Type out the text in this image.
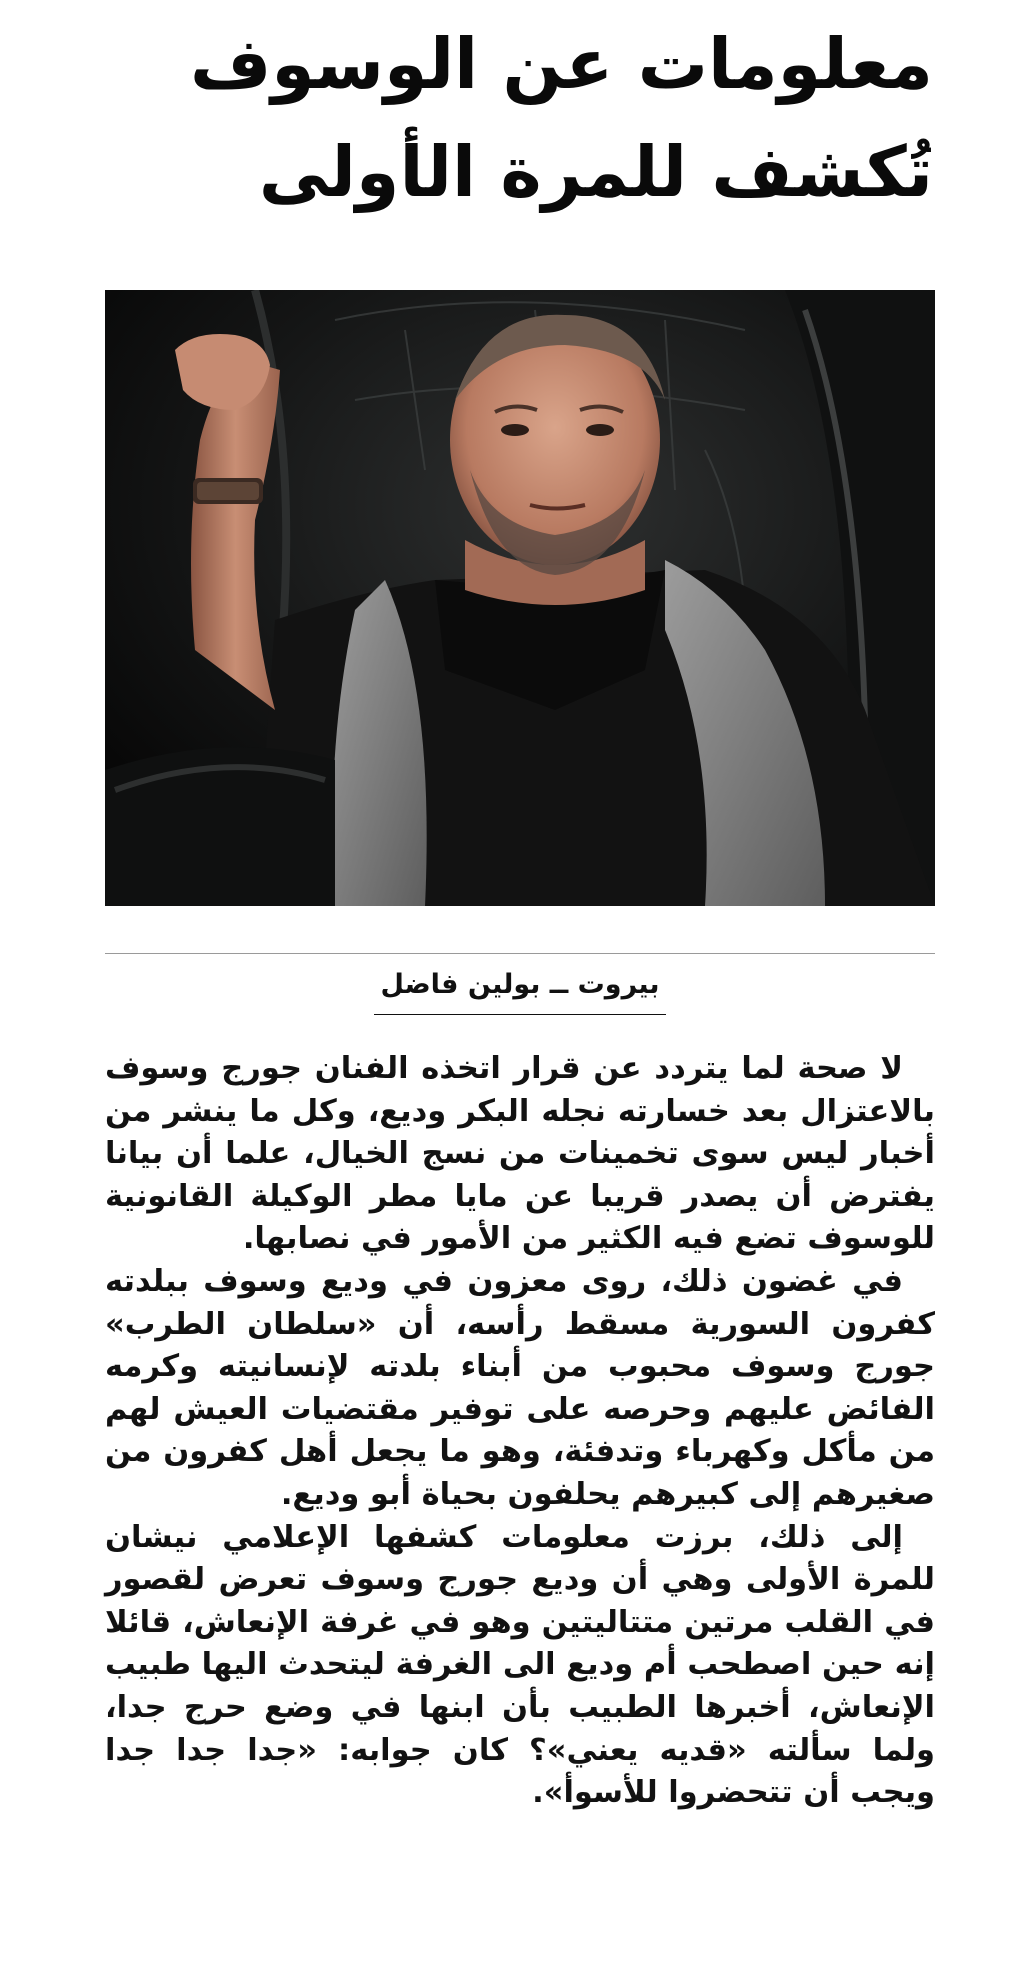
معلومات عن الوسوف
تُكشف للمرة الأولى
بيروت ــ بولين فاضل

لا صحة لما يتردد عن قرار اتخذه الفنان جورج وسوف بالاعتزال بعد خسارته نجله البكر وديع، وكل ما ينشر من أخبار ليس سوى تخمينات من نسج الخيال، علما أن بيانا يفترض أن يصدر قريبا عن مايا مطر الوكيلة القانونية للوسوف تضع فيه الكثير من الأمور في نصابها.

في غضون ذلك، روى معزون في وديع وسوف ببلدته كفرون السورية مسقط رأسه، أن «سلطان الطرب» جورج وسوف محبوب من أبناء بلدته لإنسانيته وكرمه الفائض عليهم وحرصه على توفير مقتضيات العيش لهم من مأكل وكهرباء وتدفئة، وهو ما يجعل أهل كفرون من صغيرهم إلى كبيرهم يحلفون بحياة أبو وديع.

إلى ذلك، برزت معلومات كشفها الإعلامي نيشان للمرة الأولى وهي أن وديع جورج وسوف تعرض لقصور في القلب مرتين متتاليتين وهو في غرفة الإنعاش، قائلا إنه حين اصطحب أم وديع الى الغرفة ليتحدث اليها طبيب الإنعاش، أخبرها الطبيب بأن ابنها في وضع حرج جدا، ولما سألته «قديه يعني»؟ كان جوابه: «جدا جدا جدا ويجب أن تتحضروا للأسوأ».
